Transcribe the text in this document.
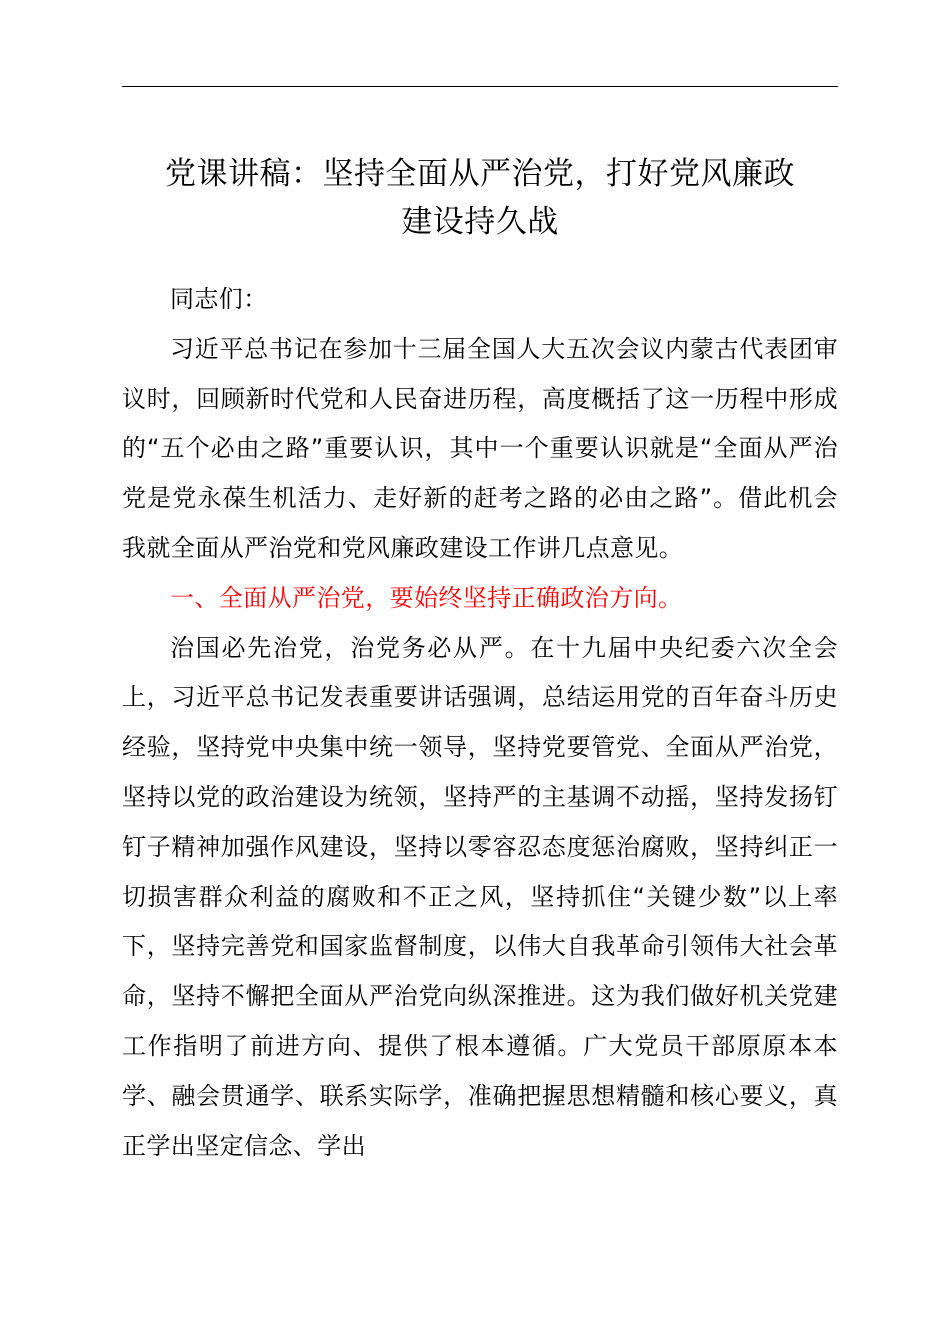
党课讲稿：坚持全面从严治党，打好党风廉政
建设持久战

同志们：

习近平总书记在参加十三届全国人大五次会议内蒙古代表团审议时，回顾新时代党和人民奋进历程，高度概括了这一历程中形成的“五个必由之路”重要认识，其中一个重要认识就是“全面从严治党是党永葆生机活力、走好新的赶考之路的必由之路”。借此机会我就全面从严治党和党风廉政建设工作讲几点意见。

一、全面从严治党，要始终坚持正确政治方向。

治国必先治党，治党务必从严。在十九届中央纪委六次全会上，习近平总书记发表重要讲话强调，总结运用党的百年奋斗历史经验，坚持党中央集中统一领导，坚持党要管党、全面从严治党，坚持以党的政治建设为统领，坚持严的主基调不动摇，坚持发扬钉钉子精神加强作风建设，坚持以零容忍态度惩治腐败，坚持纠正一切损害群众利益的腐败和不正之风，坚持抓住“关键少数”以上率下，坚持完善党和国家监督制度，以伟大自我革命引领伟大社会革命，坚持不懈把全面从严治党向纵深推进。这为我们做好机关党建工作指明了前进方向、提供了根本遵循。广大党员干部原原本本学、融会贯通学、联系实际学，准确把握思想精髓和核心要义，真正学出坚定信念、学出
